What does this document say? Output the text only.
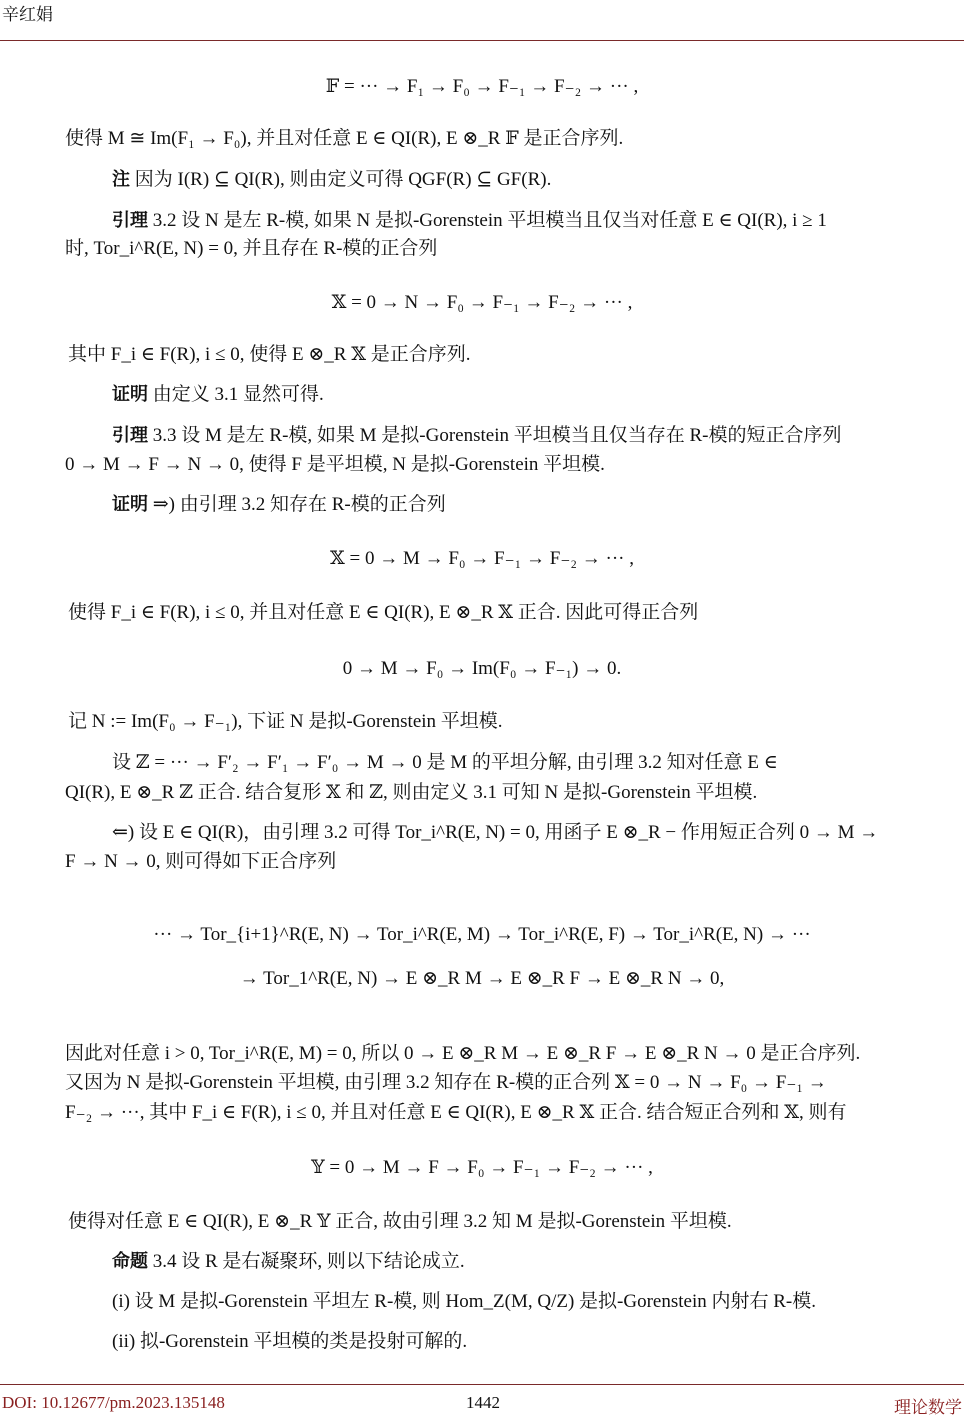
辛红娟
𝔽 = ··· → F₁ → F₀ → F₋₁ → F₋₂ → ··· ,
使得 M ≅ Im(F₁ → F₀), 并且对任意 E ∈ QI(R), E ⊗_R 𝔽 是正合序列.
注 因为 I(R) ⊆ QI(R), 则由定义可得 QGF(R) ⊆ GF(R).
引理 3.2 设 N 是左 R-模, 如果 N 是拟-Gorenstein 平坦模当且仅当对任意 E ∈ QI(R), i ≥ 1
时, Tor_i^R(E, N) = 0, 并且存在 R-模的正合列
𝕏 = 0 → N → F₀ → F₋₁ → F₋₂ → ··· ,
其中 F_i ∈ F(R), i ≤ 0, 使得 E ⊗_R 𝕏 是正合序列.
证明 由定义 3.1 显然可得.
引理 3.3 设 M 是左 R-模, 如果 M 是拟-Gorenstein 平坦模当且仅当存在 R-模的短正合序列
0 → M → F → N → 0, 使得 F 是平坦模, N 是拟-Gorenstein 平坦模.
证明 ⇒) 由引理 3.2 知存在 R-模的正合列
𝕏 = 0 → M → F₀ → F₋₁ → F₋₂ → ··· ,
使得 F_i ∈ F(R), i ≤ 0, 并且对任意 E ∈ QI(R), E ⊗_R 𝕏 正合. 因此可得正合列
0 → M → F₀ → Im(F₀ → F₋₁) → 0.
记 N := Im(F₀ → F₋₁), 下证 N 是拟-Gorenstein 平坦模.
设 ℤ = ··· → F′₂ → F′₁ → F′₀ → M → 0 是 M 的平坦分解, 由引理 3.2 知对任意 E ∈
QI(R), E ⊗_R ℤ 正合. 结合复形 𝕏 和 ℤ, 则由定义 3.1 可知 N 是拟-Gorenstein 平坦模.
⇐) 设 E ∈ QI(R)，由引理 3.2 可得 Tor_i^R(E, N) = 0, 用函子 E ⊗_R − 作用短正合列 0 → M →
F → N → 0, 则可得如下正合序列
··· → Tor_{i+1}^R(E, N) → Tor_i^R(E, M) → Tor_i^R(E, F) → Tor_i^R(E, N) → ···
→ Tor_1^R(E, N) → E ⊗_R M → E ⊗_R F → E ⊗_R N → 0,
因此对任意 i > 0, Tor_i^R(E, M) = 0, 所以 0 → E ⊗_R M → E ⊗_R F → E ⊗_R N → 0 是正合序列.
又因为 N 是拟-Gorenstein 平坦模, 由引理 3.2 知存在 R-模的正合列 𝕏 = 0 → N → F₀ → F₋₁ →
F₋₂ → ···, 其中 F_i ∈ F(R), i ≤ 0, 并且对任意 E ∈ QI(R), E ⊗_R 𝕏 正合. 结合短正合列和 𝕏, 则有
𝕐 = 0 → M → F → F₀ → F₋₁ → F₋₂ → ··· ,
使得对任意 E ∈ QI(R), E ⊗_R 𝕐 正合, 故由引理 3.2 知 M 是拟-Gorenstein 平坦模.
命题 3.4 设 R 是右凝聚环, 则以下结论成立.
(i) 设 M 是拟-Gorenstein 平坦左 R-模, 则 Hom_Z(M, Q/Z) 是拟-Gorenstein 内射右 R-模.
(ii) 拟-Gorenstein 平坦模的类是投射可解的.
DOI: 10.12677/pm.2023.135148	1442	理论数学
